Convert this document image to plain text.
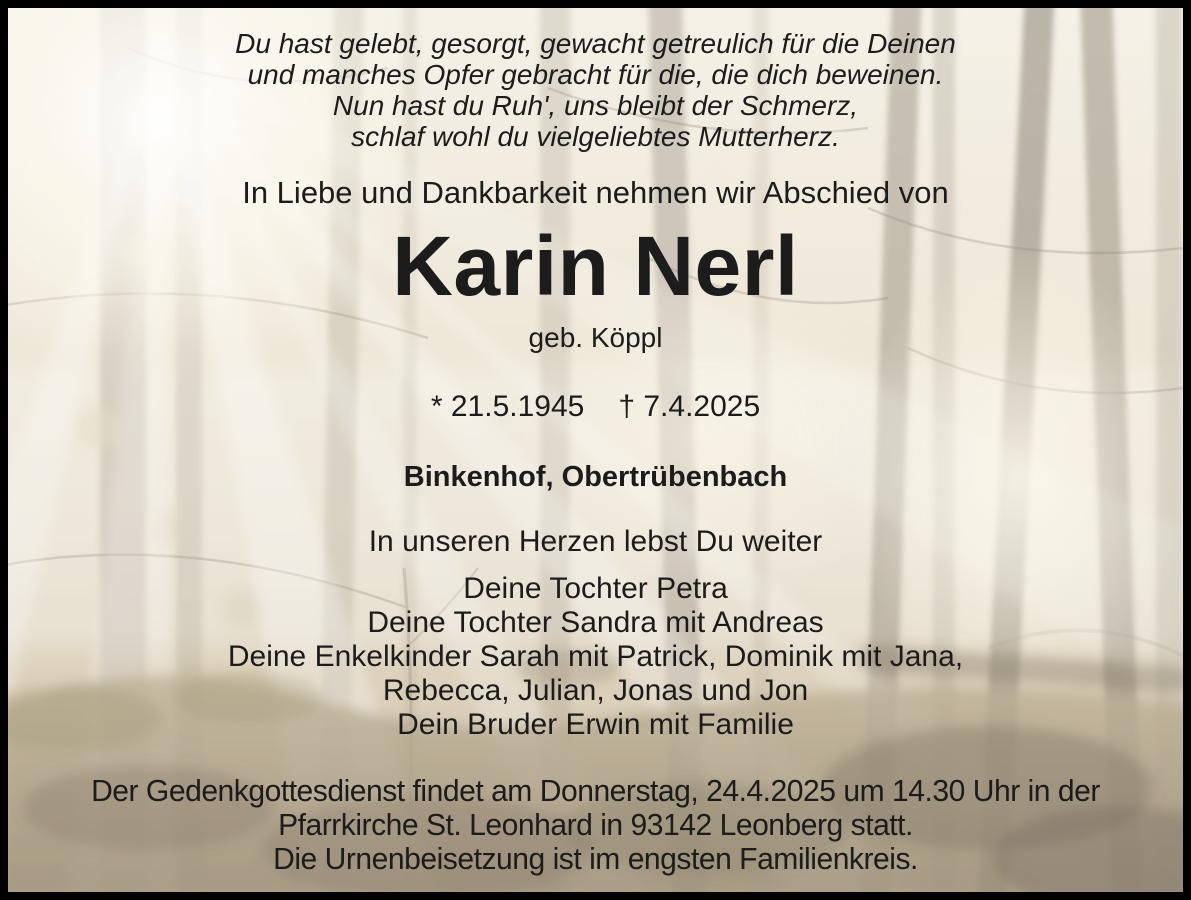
Du hast gelebt, gesorgt, gewacht getreulich für die Deinen
und manches Opfer gebracht für die, die dich beweinen.
Nun hast du Ruh', uns bleibt der Schmerz,
schlaf wohl du vielgeliebtes Mutterherz.
In Liebe und Dankbarkeit nehmen wir Abschied von
Karin Nerl
geb. Köppl
* 21.5.1945 † 7.4.2025
Binkenhof, Obertrübenbach
In unseren Herzen lebst Du weiter
Deine Tochter Petra
Deine Tochter Sandra mit Andreas
Deine Enkelkinder Sarah mit Patrick, Dominik mit Jana,
Rebecca, Julian, Jonas und Jon
Dein Bruder Erwin mit Familie
Der Gedenkgottesdienst findet am Donnerstag, 24.4.2025 um 14.30 Uhr in der
Pfarrkirche St. Leonhard in 93142 Leonberg statt.
Die Urnenbeisetzung ist im engsten Familienkreis.
